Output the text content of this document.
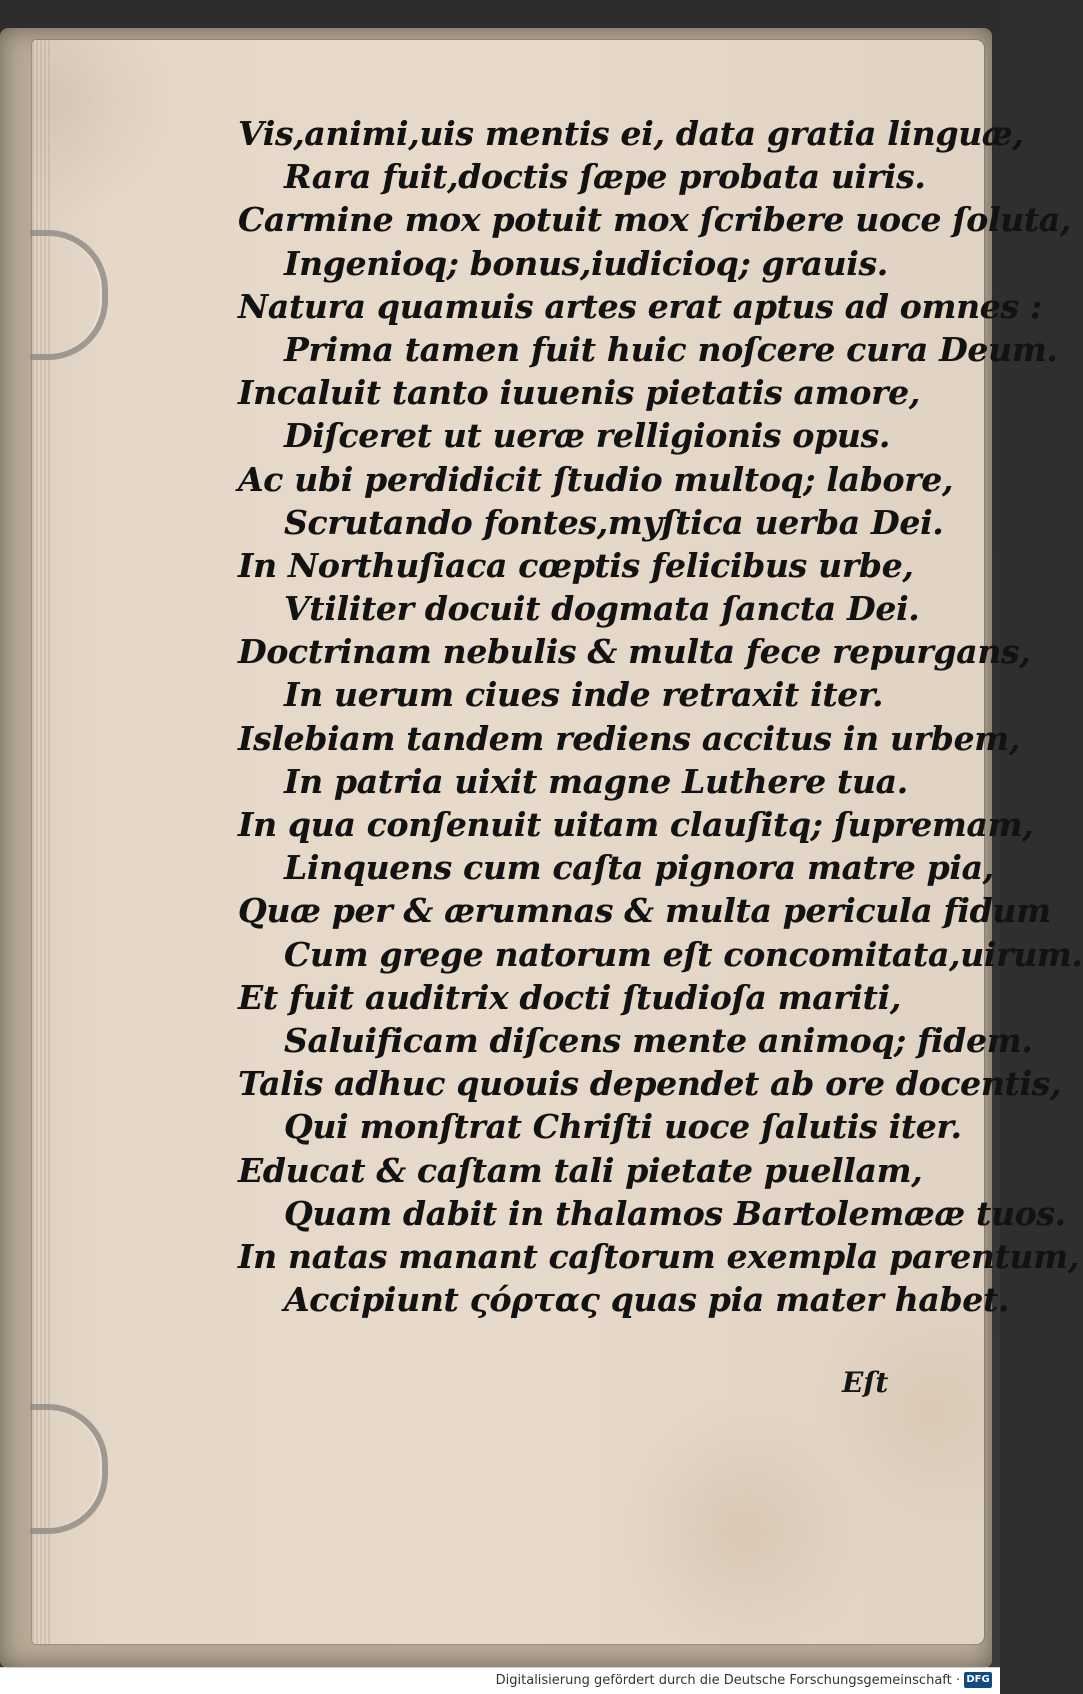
Vis,animi,uis mentis ei, data gratia linguæ,
Rara fuit,doctis ſæpe probata uiris.
Carmine mox potuit mox ſcribere uoce ſoluta,
Ingenioq; bonus,iudicioq; grauis.
Natura quamuis artes erat aptus ad omnes :
Prima tamen fuit huic noſcere cura Deum.
Incaluit tanto iuuenis pietatis amore,
Diſceret ut ueræ relligionis opus.
Ac ubi perdidicit ſtudio multoq; labore,
Scrutando fontes,myſtica uerba Dei.
In Northuſiaca cœptis felicibus urbe,
Vtiliter docuit dogmata ſancta Dei.
Doctrinam nebulis & multa fece repurgans,
In uerum ciues inde retraxit iter.
Islebiam tandem rediens accitus in urbem,
In patria uixit magne Luthere tua.
In qua conſenuit uitam clauſitq; ſupremam,
Linquens cum caſta pignora matre pia,
Quæ per & ærumnas & multa pericula fidum
Cum grege natorum eſt concomitata,uirum.
Et fuit auditrix docti ſtudioſa mariti,
Saluificam diſcens mente animoq; fidem.
Talis adhuc quouis dependet ab ore docentis,
Qui monſtrat Chriſti uoce ſalutis iter.
Educat & caſtam tali pietate puellam,
Quam dabit in thalamos Bartolemææ tuos.
In natas manant caſtorum exempla parentum,
Accipiunt ςόρτας quas pia mater habet.
Eſt
Digitalisierung gefördert durch die Deutsche Forschungsgemeinschaft · DFG
